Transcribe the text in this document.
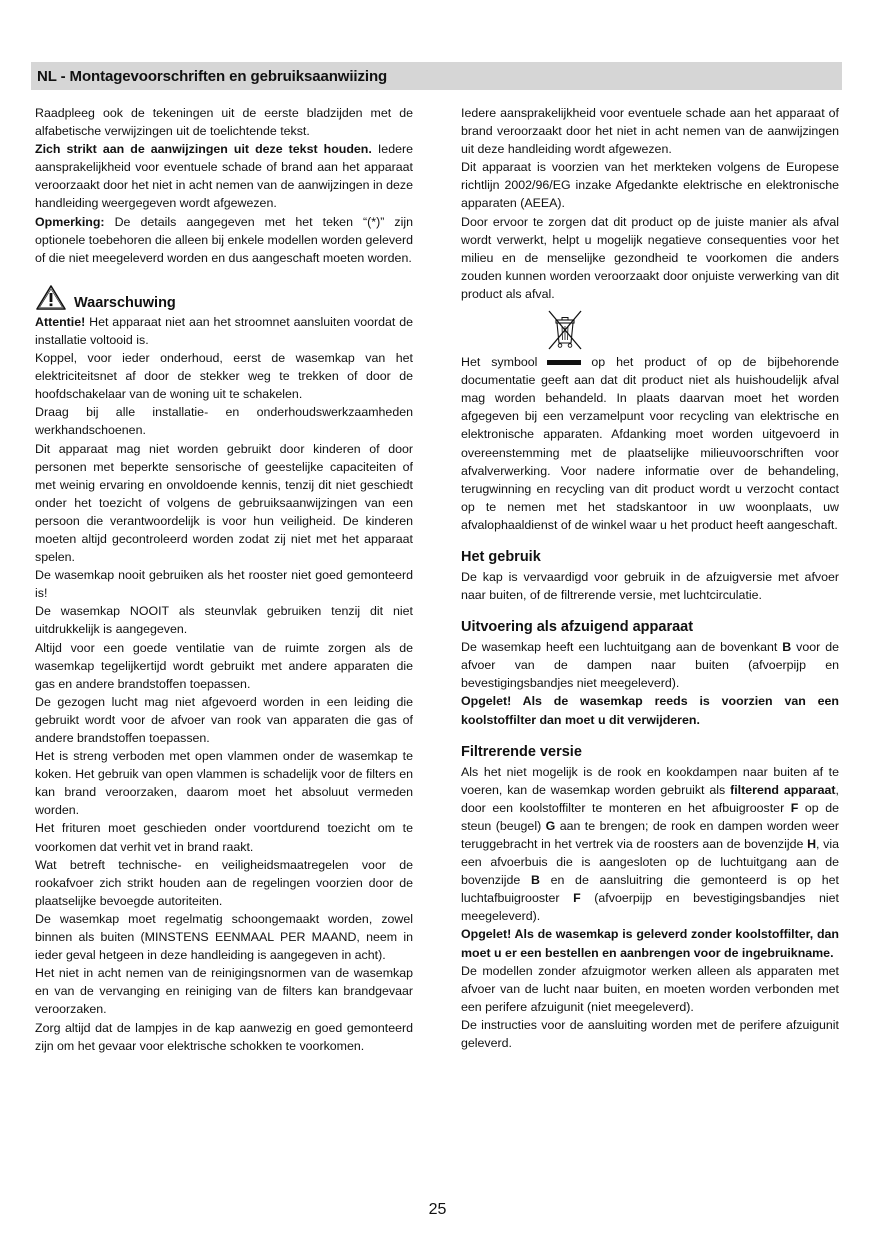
NL - Montagevoorschriften en gebruiksaanwiizing

Raadpleeg ook de tekeningen uit de eerste bladzijden met de alfabetische verwijzingen uit de toelichtende tekst.

Zich strikt aan de aanwijzingen uit deze tekst houden. Iedere aansprakelijkheid voor eventuele schade of brand aan het apparaat veroorzaakt door het niet in acht nemen van de aanwijzingen in deze handleiding weergegeven wordt afgewezen.

Opmerking: De details aangegeven met het teken “(*)” zijn optionele toebehoren die alleen bij enkele modellen worden geleverd of die niet meegeleverd worden en dus aangeschaft moeten worden.

Waarschuwing

Attentie! Het apparaat niet aan het stroomnet aansluiten voordat de installatie voltooid is.

Koppel, voor ieder onderhoud, eerst de wasemkap van het elektriciteitsnet af door de stekker weg te trekken of door de hoofdschakelaar van de woning uit te schakelen.

Draag bij alle installatie- en onderhoudswerkzaamheden werkhandschoenen.

Dit apparaat mag niet worden gebruikt door kinderen of door personen met beperkte sensorische of geestelijke capaciteiten of met weinig ervaring en onvoldoende kennis, tenzij dit niet geschiedt onder het toezicht of volgens de gebruiksaanwijzingen van een persoon die verantwoordelijk is voor hun veiligheid. De kinderen moeten altijd gecontroleerd worden zodat zij niet met het apparaat spelen.

De wasemkap nooit gebruiken als het rooster niet goed gemonteerd is!

De wasemkap NOOIT als steunvlak gebruiken tenzij dit niet uitdrukkelijk is aangegeven.

Altijd voor een goede ventilatie van de ruimte zorgen als de wasemkap tegelijkertijd wordt gebruikt met andere apparaten die gas en andere brandstoffen toepassen.

De gezogen lucht mag niet afgevoerd worden in een leiding die gebruikt wordt voor de afvoer van rook van apparaten die gas of andere brandstoffen toepassen.

Het is streng verboden met open vlammen onder de wasemkap te koken. Het gebruik van open vlammen is schadelijk voor de filters en kan brand veroorzaken, daarom moet het absoluut vermeden worden.

Het frituren moet geschieden onder voortdurend toezicht om te voorkomen dat verhit vet in brand raakt.

Wat betreft technische- en veiligheidsmaatregelen voor de rookafvoer zich strikt houden aan de regelingen voorzien door de plaatselijke bevoegde autoriteiten.

De wasemkap moet regelmatig schoongemaakt worden, zowel binnen als buiten (MINSTENS EENMAAL PER MAAND, neem in ieder geval hetgeen in deze handleiding is aangegeven in acht).

Het niet in acht nemen van de reinigingsnormen van de wasemkap en van de vervanging en reiniging van de filters kan brandgevaar veroorzaken.

Zorg altijd dat de lampjes in de kap aanwezig en goed gemonteerd zijn om het gevaar voor elektrische schokken te voorkomen.

Iedere aansprakelijkheid voor eventuele schade aan het apparaat of brand veroorzaakt door het niet in acht nemen van de aanwijzingen uit deze handleiding wordt afgewezen.

Dit apparaat is voorzien van het merkteken volgens de Europese richtlijn 2002/96/EG inzake Afgedankte elektrische en elektronische apparaten (AEEA).

Door ervoor te zorgen dat dit product op de juiste manier als afval wordt verwerkt, helpt u mogelijk negatieve consequenties voor het milieu en de menselijke gezondheid te voorkomen die anders zouden kunnen worden veroorzaakt door onjuiste verwerking van dit product als afval.

Het symbool	op het product of op de bijbehorende documentatie geeft aan dat dit product niet als huishoudelijk afval mag worden behandeld. In plaats daarvan moet het worden afgegeven bij een verzamelpunt voor recycling van elektrische en elektronische apparaten. Afdanking moet worden uitgevoerd in overeenstemming met de plaatselijke milieuvoorschriften voor afvalverwerking. Voor nadere informatie over de behandeling, terugwinning en recycling van dit product wordt u verzocht contact op te nemen met het stadskantoor in uw woonplaats, uw afvalophaaldienst of de winkel waar u het product heeft aangeschaft.

Het gebruik

De kap is vervaardigd voor gebruik in de afzuigversie met afvoer naar buiten, of de filtrerende versie, met luchtcirculatie.

Uitvoering als afzuigend apparaat

De wasemkap heeft een luchtuitgang aan de bovenkant B voor de afvoer van de dampen naar buiten (afvoerpijp en bevestigingsbandjes niet meegeleverd).

Opgelet! Als de wasemkap reeds is voorzien van een koolstoffilter dan moet u dit verwijderen.

Filtrerende versie

Als het niet mogelijk is de rook en kookdampen naar buiten af te voeren, kan de wasemkap worden gebruikt als filterend apparaat, door een koolstoffilter te monteren en het afbuigrooster F op de steun (beugel) G aan te brengen; de rook en dampen worden weer teruggebracht in het vertrek via de roosters aan de bovenzijde H, via een afvoerbuis die is aangesloten op de luchtuitgang aan de bovenzijde B en de aansluitring die gemonteerd is op het luchtafbuigrooster F (afvoerpijp en bevestigingsbandjes niet meegeleverd).

Opgelet! Als de wasemkap is geleverd zonder koolstoffilter, dan moet u er een bestellen en aanbrengen voor de ingebruikname.

De modellen zonder afzuigmotor werken alleen als apparaten met afvoer van de lucht naar buiten, en moeten worden verbonden met een perifere afzuigunit (niet meegeleverd).

De instructies voor de aansluiting worden met de perifere afzuigunit geleverd.

25
